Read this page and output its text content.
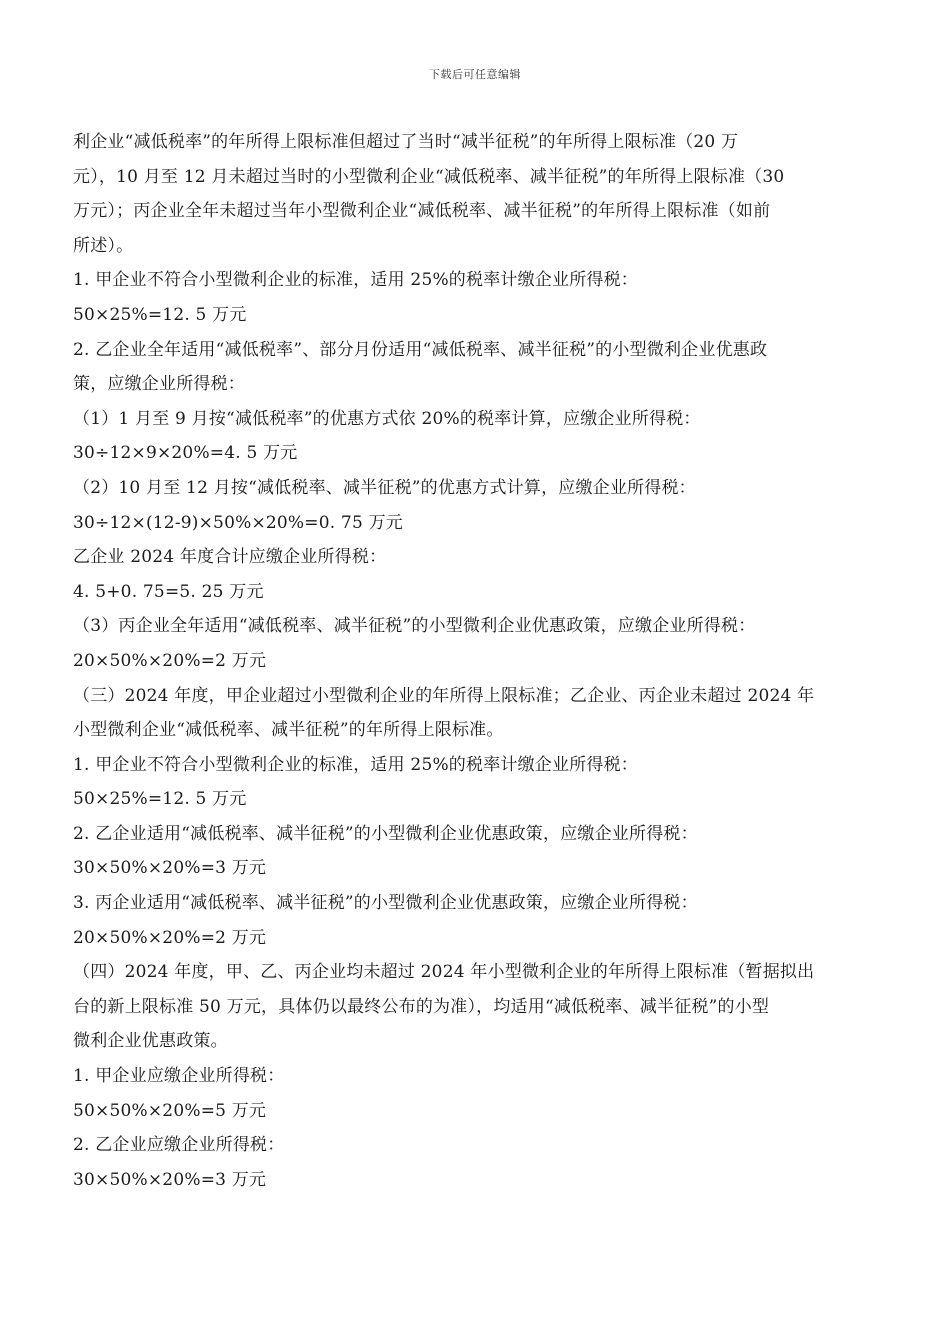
下载后可任意编辑
利企业“减低税率”的年所得上限标准但超过了当时“减半征税”的年所得上限标准（20 万
元），10 月至 12 月未超过当时的小型微利企业“减低税率、减半征税”的年所得上限标准（30
万元）；丙企业全年未超过当年小型微利企业“减低税率、减半征税”的年所得上限标准（如前
所述）。
1. 甲企业不符合小型微利企业的标准，适用 25%的税率计缴企业所得税：
50×25%=12. 5 万元
2. 乙企业全年适用“减低税率”、部分月份适用“减低税率、减半征税”的小型微利企业优惠政
策，应缴企业所得税：
（1）1 月至 9 月按“减低税率”的优惠方式依 20%的税率计算，应缴企业所得税：
30÷12×9×20%=4. 5 万元
（2）10 月至 12 月按“减低税率、减半征税”的优惠方式计算，应缴企业所得税：
30÷12×(12-9)×50%×20%=0. 75 万元
乙企业 2024 年度合计应缴企业所得税：
4. 5+0. 75=5. 25 万元
（3）丙企业全年适用“减低税率、减半征税”的小型微利企业优惠政策，应缴企业所得税：
20×50%×20%=2 万元
（三）2024 年度，甲企业超过小型微利企业的年所得上限标准；乙企业、丙企业未超过 2024 年
小型微利企业“减低税率、减半征税”的年所得上限标准。
1. 甲企业不符合小型微利企业的标准，适用 25%的税率计缴企业所得税：
50×25%=12. 5 万元
2. 乙企业适用“减低税率、减半征税”的小型微利企业优惠政策，应缴企业所得税：
30×50%×20%=3 万元
3. 丙企业适用“减低税率、减半征税”的小型微利企业优惠政策，应缴企业所得税：
20×50%×20%=2 万元
（四）2024 年度，甲、乙、丙企业均未超过 2024 年小型微利企业的年所得上限标准（暂据拟出
台的新上限标准 50 万元，具体仍以最终公布的为准），均适用“减低税率、减半征税”的小型
微利企业优惠政策。
1. 甲企业应缴企业所得税：
50×50%×20%=5 万元
2. 乙企业应缴企业所得税：
30×50%×20%=3 万元
